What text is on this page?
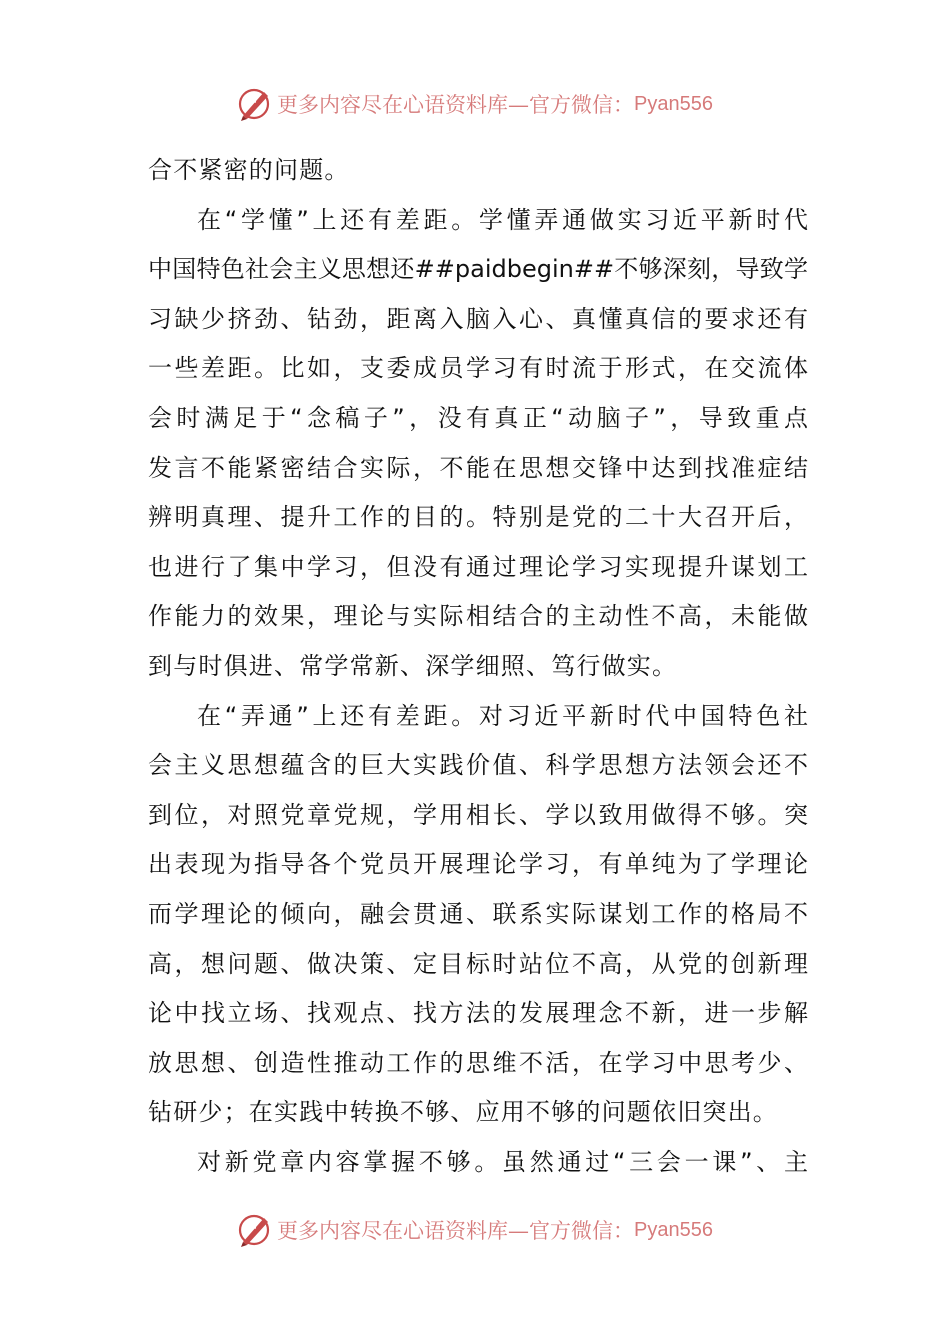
更多内容尽在心语资料库—官方微信： Pyan556
合不紧密的问题。
在“学懂”上还有差距。学懂弄通做实习近平新时代
中国特色社会主义思想还##paidbegin##不够深刻，导致学
习缺少挤劲、钻劲，距离入脑入心、真懂真信的要求还有
一些差距。比如，支委成员学习有时流于形式，在交流体
会时满足于“念稿子”，没有真正“动脑子”，导致重点
发言不能紧密结合实际，不能在思想交锋中达到找准症结
辨明真理、提升工作的目的。特别是党的二十大召开后，
也进行了集中学习，但没有通过理论学习实现提升谋划工
作能力的效果，理论与实际相结合的主动性不高，未能做
到与时俱进、常学常新、深学细照、笃行做实。
在“弄通”上还有差距。对习近平新时代中国特色社
会主义思想蕴含的巨大实践价值、科学思想方法领会还不
到位，对照党章党规，学用相长、学以致用做得不够。突
出表现为指导各个党员开展理论学习，有单纯为了学理论
而学理论的倾向，融会贯通、联系实际谋划工作的格局不
高，想问题、做决策、定目标时站位不高，从党的创新理
论中找立场、找观点、找方法的发展理念不新，进一步解
放思想、创造性推动工作的思维不活，在学习中思考少、
钻研少；在实践中转换不够、应用不够的问题依旧突出。
对新党章内容掌握不够。虽然通过“三会一课”、主
更多内容尽在心语资料库—官方微信： Pyan556
